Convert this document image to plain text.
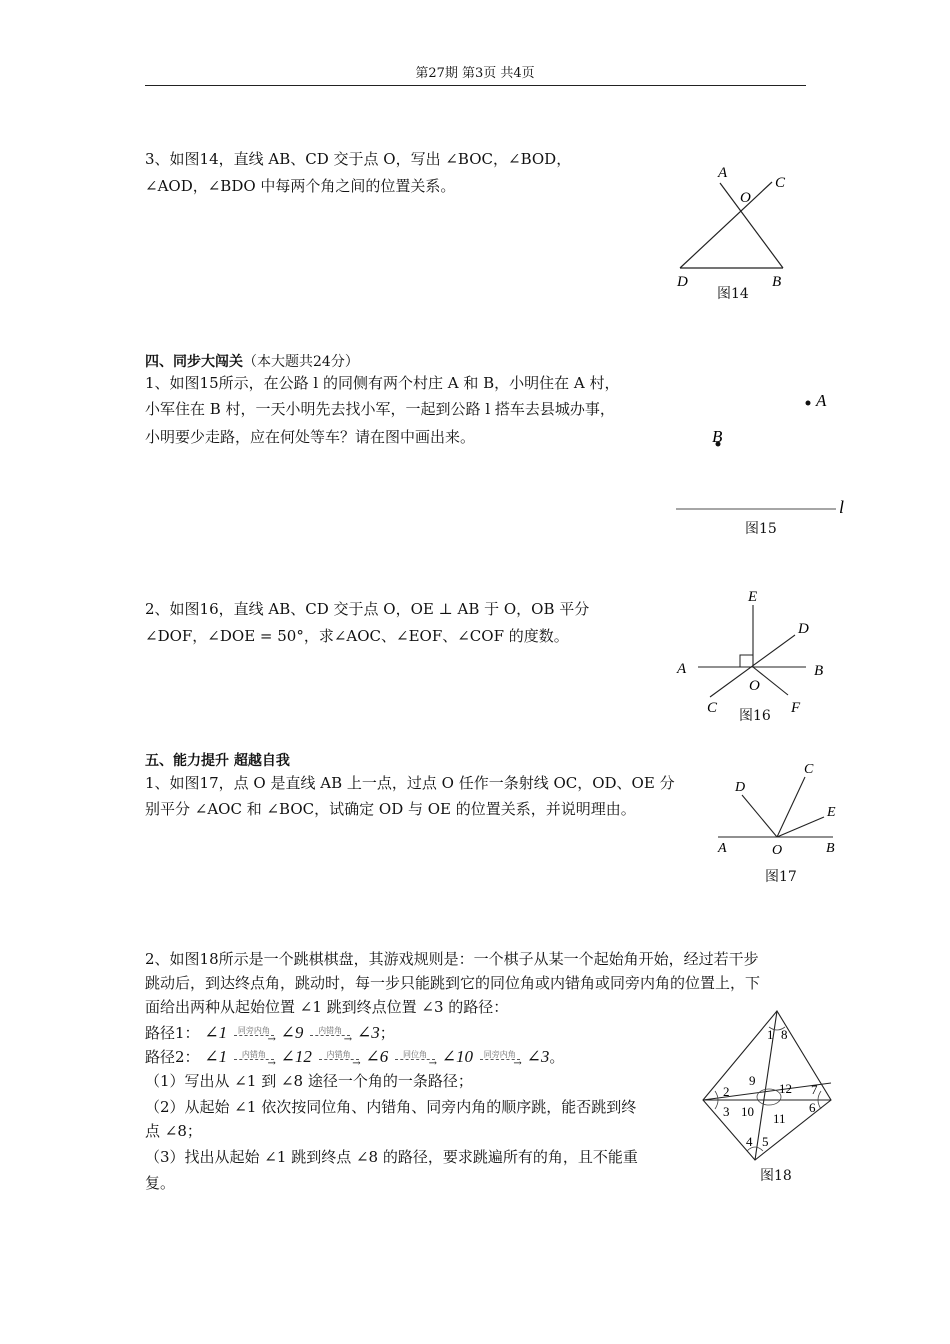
第27期 第3页 共4页
3、如图14，直线 AB、CD 交于点 O，写出 ∠BOC，∠BOD，
∠AOD，∠BDO 中每两个角之间的位置关系。
A
C
O
D	B
图14
四、同步大闯关（本大题共24分）
1、如图15所示，在公路 l 的同侧有两个村庄 A 和 B，小明住在 A 村，
小军住在 B 村，一天小明先去找小军，一起到公路 l 搭车去县城办事，
小明要少走路，应在何处等车？请在图中画出来。
A
B
l
图15
2、如图16，直线 AB、CD 交于点 O，OE ⊥ AB 于 O，OB 平分
∠DOF，∠DOE = 50°，求∠AOC、∠EOF、∠COF 的度数。
E
D
A	B
O
C	F
图16
五、能力提升 超越自我
1、如图17，点 O 是直线 AB 上一点，过点 O 任作一条射线 OC，OD、OE 分
别平分 ∠AOC 和 ∠BOC，试确定 OD 与 OE 的位置关系，并说明理由。
D
C
E
A	O	B
图17
2、如图18所示是一个跳棋棋盘，其游戏规则是：一个棋子从某一个起始角开始，经过若干步
跳动后，到达终点角，跳动时，每一步只能跳到它的同位角或内错角或同旁内角的位置上，下
面给出两种从起始位置 ∠1 跳到终点位置 ∠3 的路径：
路径1： ∠1	同旁内角
→ ∠9	内错角
→ ∠3；
路径2： ∠1	内错角
→ ∠12	内错角
→ ∠6	同位角
→ ∠10	同旁内角
→ ∠3。
（1）写出从 ∠1 到 ∠8 途径一个角的一条路径；
（2）从起始 ∠1 依次按同位角、内错角、同旁内角的顺序跳，能否跳到终
点 ∠8；
（3）找出从起始 ∠1 跳到终点 ∠8 的路径，要求跳遍所有的角，且不能重
复。
1 8
9
12
2	7
3 10 11
6
4 5
图18
